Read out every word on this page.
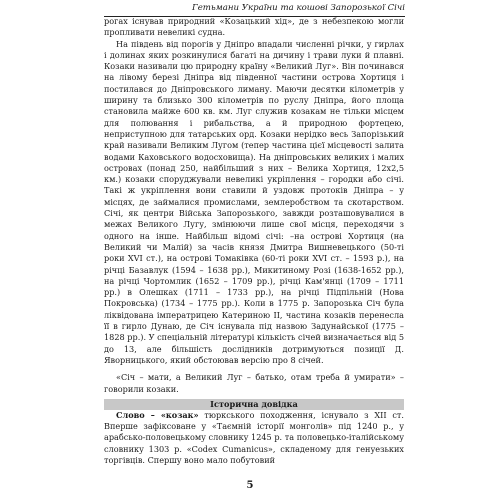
Гетьмани України та кошові Запорозької Січі

рогах існував природний «Козацький хід», де з небезпекою могли пропливати невеликі судна.

На південь від порогів у Дніпро впадали численні річки, у гирлах і долинах яких розкинулися багаті на дичину і трави луки й плавні. Козаки називали цю природну країну «Великий Луг». Він починався на лівому березі Дніпра від південної частини острова Хортиця і постилався до Дніпровського лиману. Маючи десятки кілометрів у ширину та близько 300 кілометрів по руслу Дніпра, його площа становила майже 600 кв. км. Луг служив козакам не тільки місцем для полювання і рибальства, а й природною фортецею, неприступною для татарських орд. Козаки нерідко весь Запорізький край називали Великим Лугом (тепер частина цієї місцевості залита водами Каховського водосховища). На дніпровських великих і малих островах (понад 250, найбільший з них – Велика Хортиця, 12х2,5 км.) козаки споруджували невеликі укріплення – городки або січі. Такі ж укріплення вони ставили й уздовж протоків Дніпра – у місцях, де займалися промислами, землеробством та скотарством. Січі, як центри Війська Запорозького, завжди розташовувалися в межах Великого Лугу, змінюючи лише свої місця, переходячи з одного на інше. Найбільш відомі січі: –на острові Хортиця (на Великий чи Малій) за часів князя Дмитра Вишневецького (50-ті роки XVI ст.), на острові Томаківка (60-ті роки XVI ст. – 1593 р.), на річці Базавлук (1594 – 1638 рр.), Микитиному Розі (1638-1652 рр.), на річці Чортомлик (1652 – 1709 рр.), річці Кам'янці (1709 – 1711 рр.) в Олешках (1711 – 1733 рр.), на річці Підпільній (Нова Покровська) (1734 – 1775 рр.). Коли в 1775 р. Запорозька Січ була ліквідована імператрицею Катериною II, частина козаків перенесла її в гирло Дунаю, де Січ існувала під назвою Задунайської (1775 – 1828 рр.). У спеціальній літературі кількість січей визначається від 5 до 13, але більшість дослідників дотримуються позиції Д. Яворницького, який обстоював версію про 8 січей.

«Січ – мати, а Великий Луг – батько, отам треба й умирати» – говорили козаки.

Історична довідка

Слово – «козак» тюркського походження, існувало з XII ст. Вперше зафіксоване у «Таємній історії монголів» під 1240 р., у арабсько-половецькому словнику 1245 р. та половецько-італійському словнику 1303 р. «Codex Cumanicus», складеному для генуезьких торгівців. Спершу воно мало побутовий

5
